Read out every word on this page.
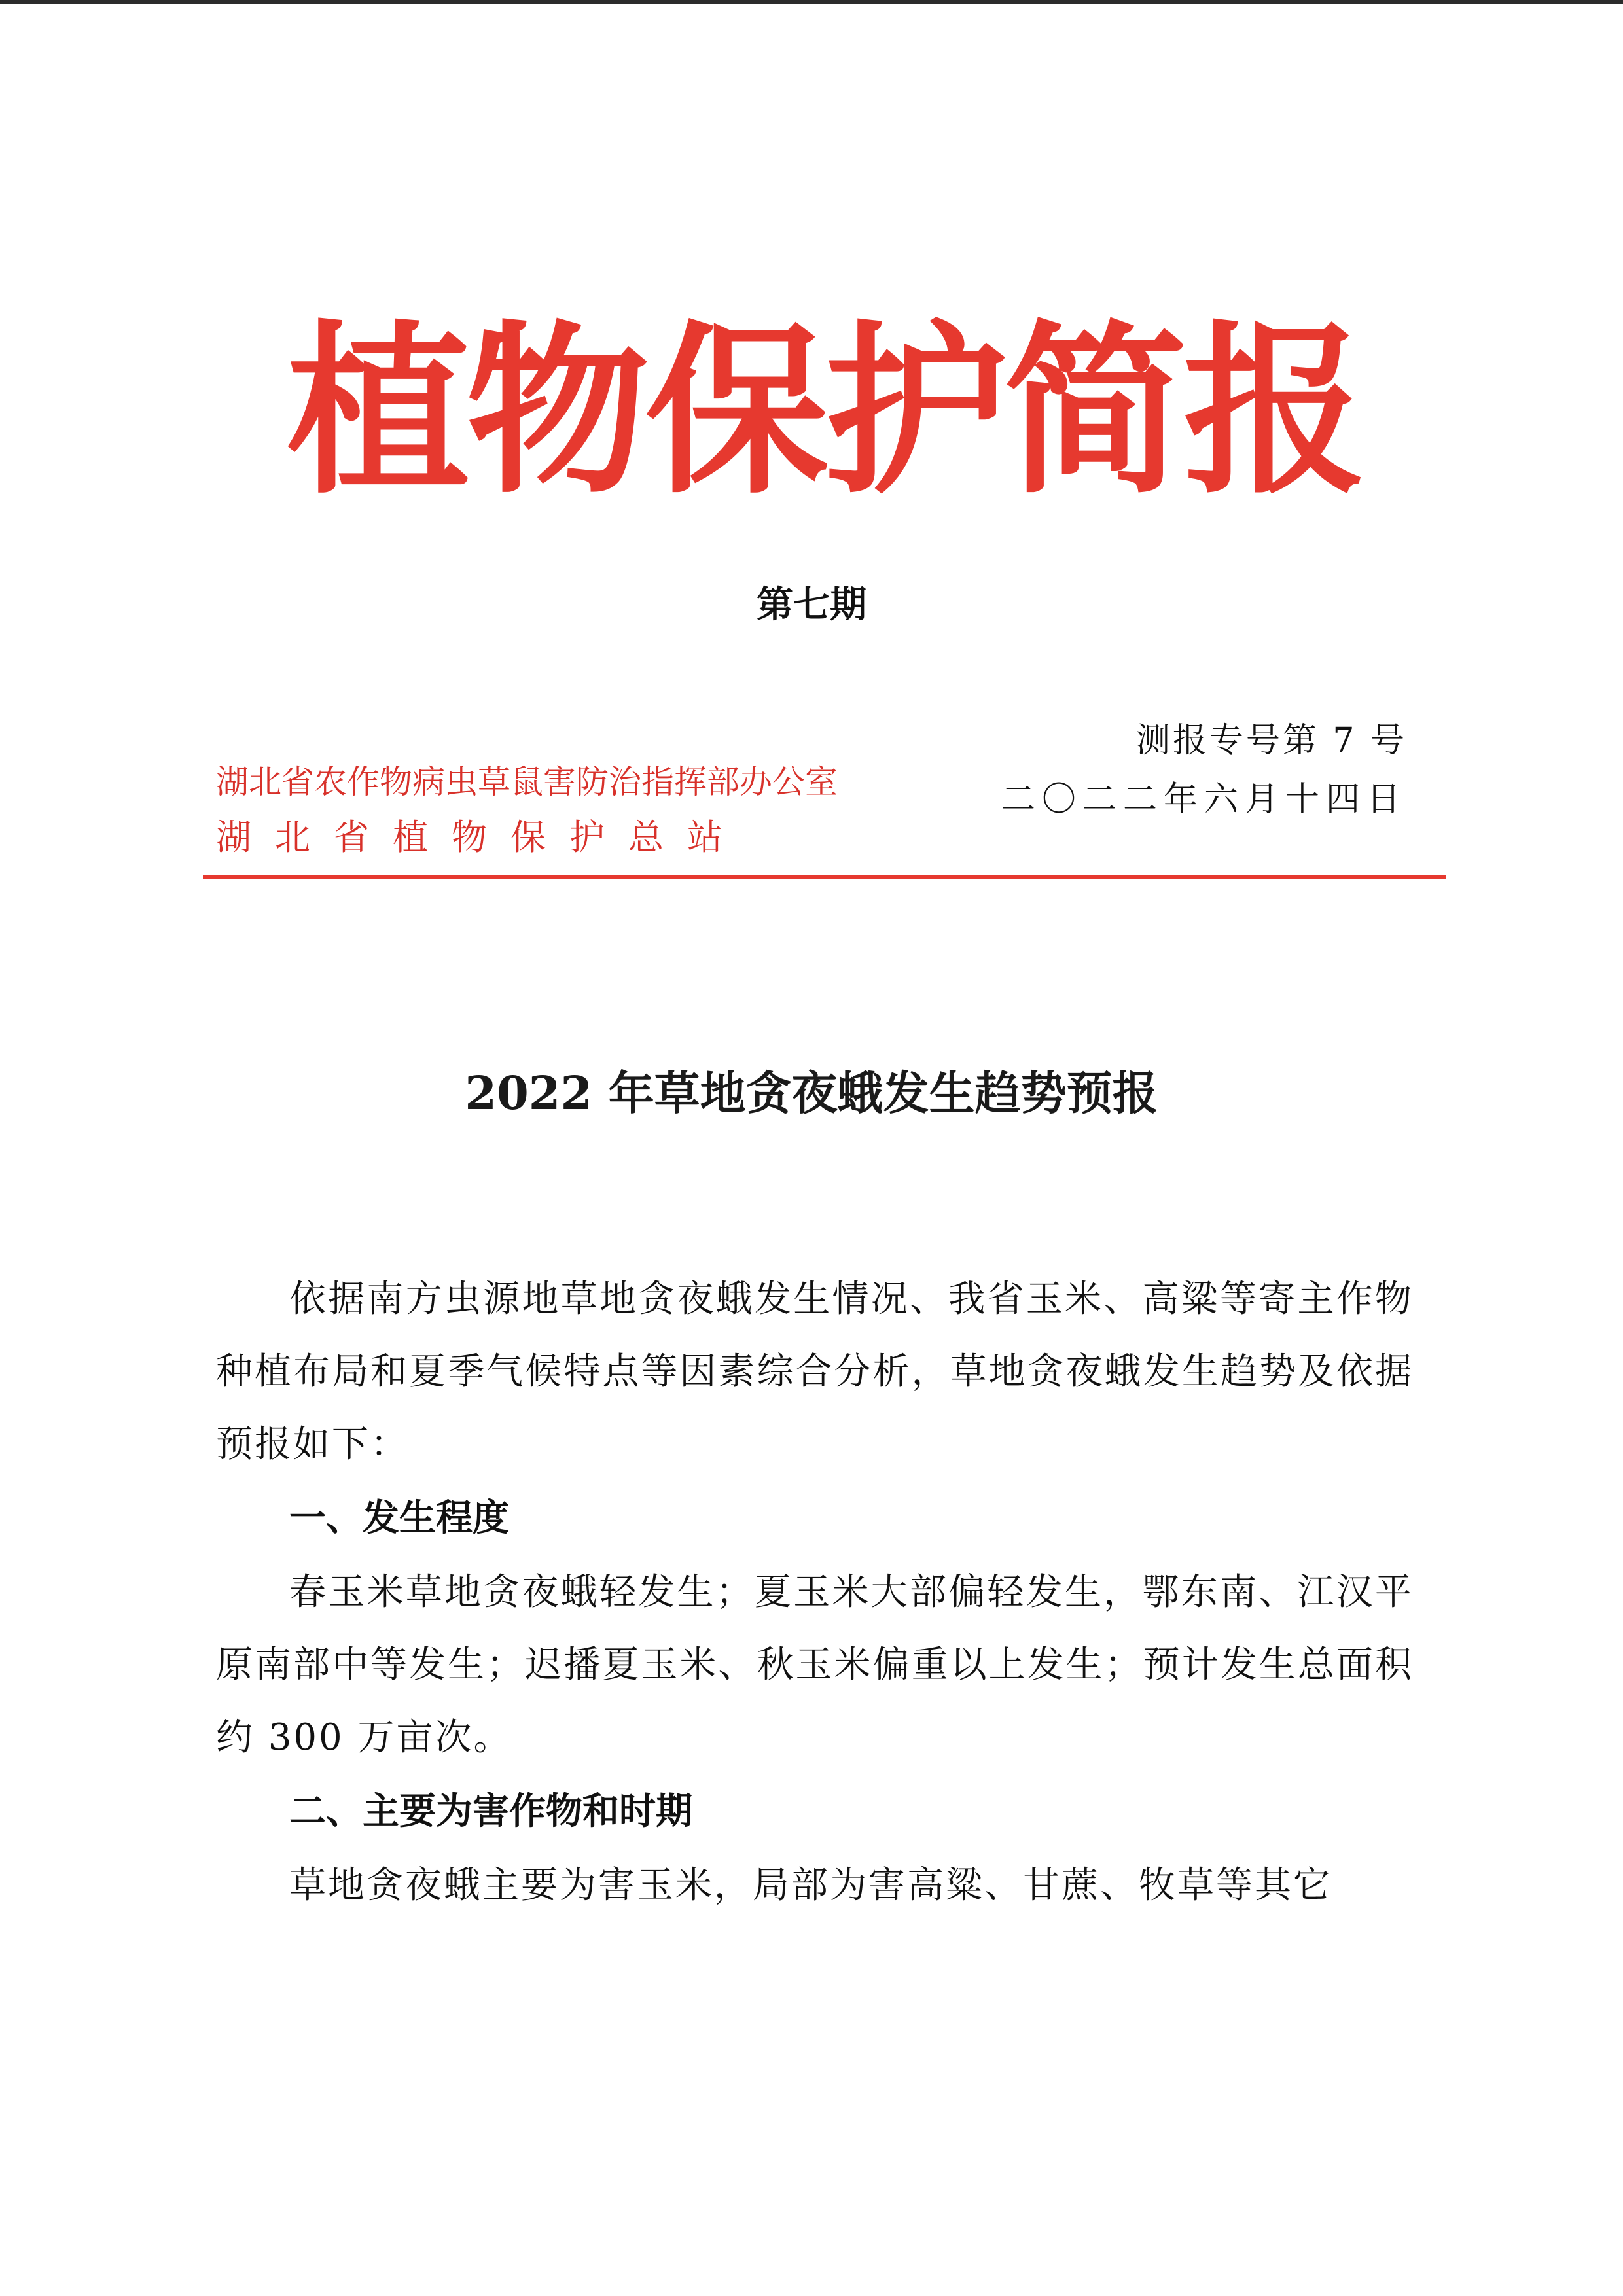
植物保护简报
第七期
湖北省农作物病虫草鼠害防治指挥部办公室
湖北省植物保护总站
测报专号第 7 号
二〇二二年六月十四日
2022 年草地贪夜蛾发生趋势预报

依据南方虫源地草地贪夜蛾发生情况、我省玉米、高粱等寄主作物种植布局和夏季气候特点等因素综合分析，草地贪夜蛾发生趋势及依据预报如下：

一、发生程度

春玉米草地贪夜蛾轻发生；夏玉米大部偏轻发生，鄂东南、江汉平原南部中等发生；迟播夏玉米、秋玉米偏重以上发生；预计发生总面积约 300 万亩次。

二、主要为害作物和时期

草地贪夜蛾主要为害玉米，局部为害高粱、甘蔗、牧草等其它
